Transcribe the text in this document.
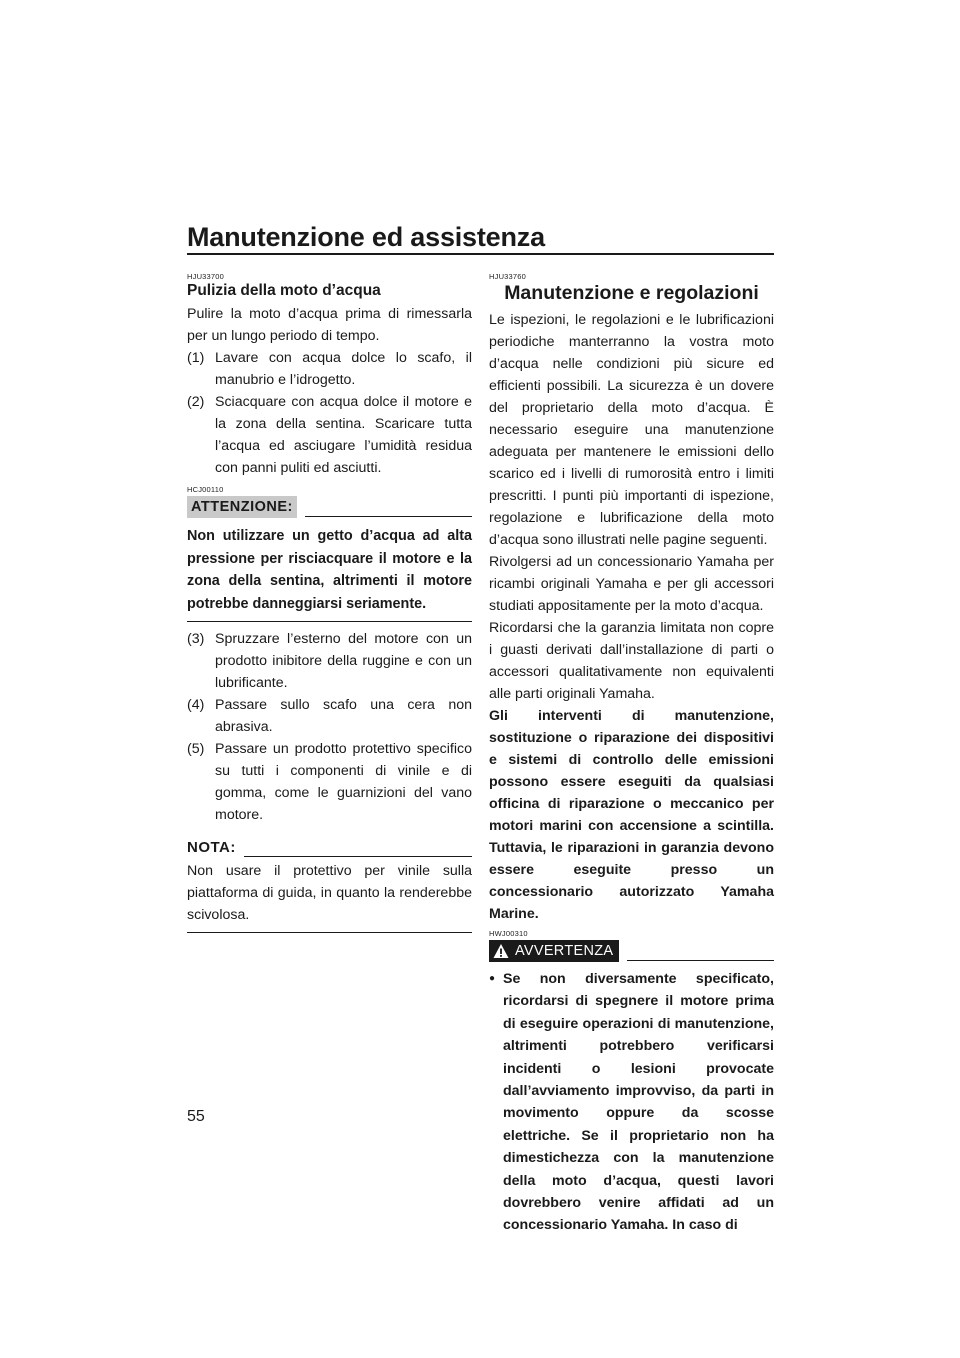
Manutenzione ed assistenza
HJU33700
Pulizia della moto d’acqua

Pulire la moto d’acqua prima di rimessarla per un lungo periodo di tempo.

(1) Lavare con acqua dolce lo scafo, il manubrio e l’idrogetto.
(2) Sciacquare con acqua dolce il motore e la zona della sentina. Scaricare tutta l’acqua ed asciugare l’umidità residua con panni puliti ed asciutti.
HCJ00110
ATTENZIONE:

Non utilizzare un getto d’acqua ad alta pressione per risciacquare il motore e la zona della sentina, altrimenti il motore potrebbe danneggiarsi seriamente.

(3) Spruzzare l’esterno del motore con un prodotto inibitore della ruggine e con un lubrificante.
(4) Passare sullo scafo una cera non abrasiva.
(5) Passare un prodotto protettivo specifico su tutti i componenti di vinile e di gomma, come le guarnizioni del vano motore.
NOTA:

Non usare il protettivo per vinile sulla piattaforma di guida, in quanto la renderebbe scivolosa.

HJU33760
Manutenzione e regolazioni

Le ispezioni, le regolazioni e le lubrificazioni periodiche manterranno la vostra moto d’acqua nelle condizioni più sicure ed efficienti possibili. La sicurezza è un dovere del proprietario della moto d’acqua. È necessario eseguire una manutenzione adeguata per mantenere le emissioni dello scarico ed i livelli di rumorosità entro i limiti prescritti. I punti più importanti di ispezione, regolazione e lubrificazione della moto d’acqua sono illustrati nelle pagine seguenti.

Rivolgersi ad un concessionario Yamaha per ricambi originali Yamaha e per gli accessori studiati appositamente per la moto d’acqua.

Ricordarsi che la garanzia limitata non copre i guasti derivati dall’installazione di parti o accessori qualitativamente non equivalenti alle parti originali Yamaha.

Gli interventi di manutenzione, sostituzione o riparazione dei dispositivi e sistemi di controllo delle emissioni possono essere eseguiti da qualsiasi officina di riparazione o meccanico per motori marini con accensione a scintilla. Tuttavia, le riparazioni in garanzia devono essere eseguite presso un concessionario autorizzato Yamaha Marine.

HWJ00310
AVVERTENZA
● Se non diversamente specificato, ricordarsi di spegnere il motore prima di eseguire operazioni di manutenzione, altrimenti potrebbero verificarsi incidenti o lesioni provocate dall’avviamento improvviso, da parti in movimento oppure da scosse elettriche. Se il proprietario non ha dimestichezza con la manutenzione della moto d’acqua, questi lavori dovrebbero venire affidati ad un concessionario Yamaha. In caso di
55
